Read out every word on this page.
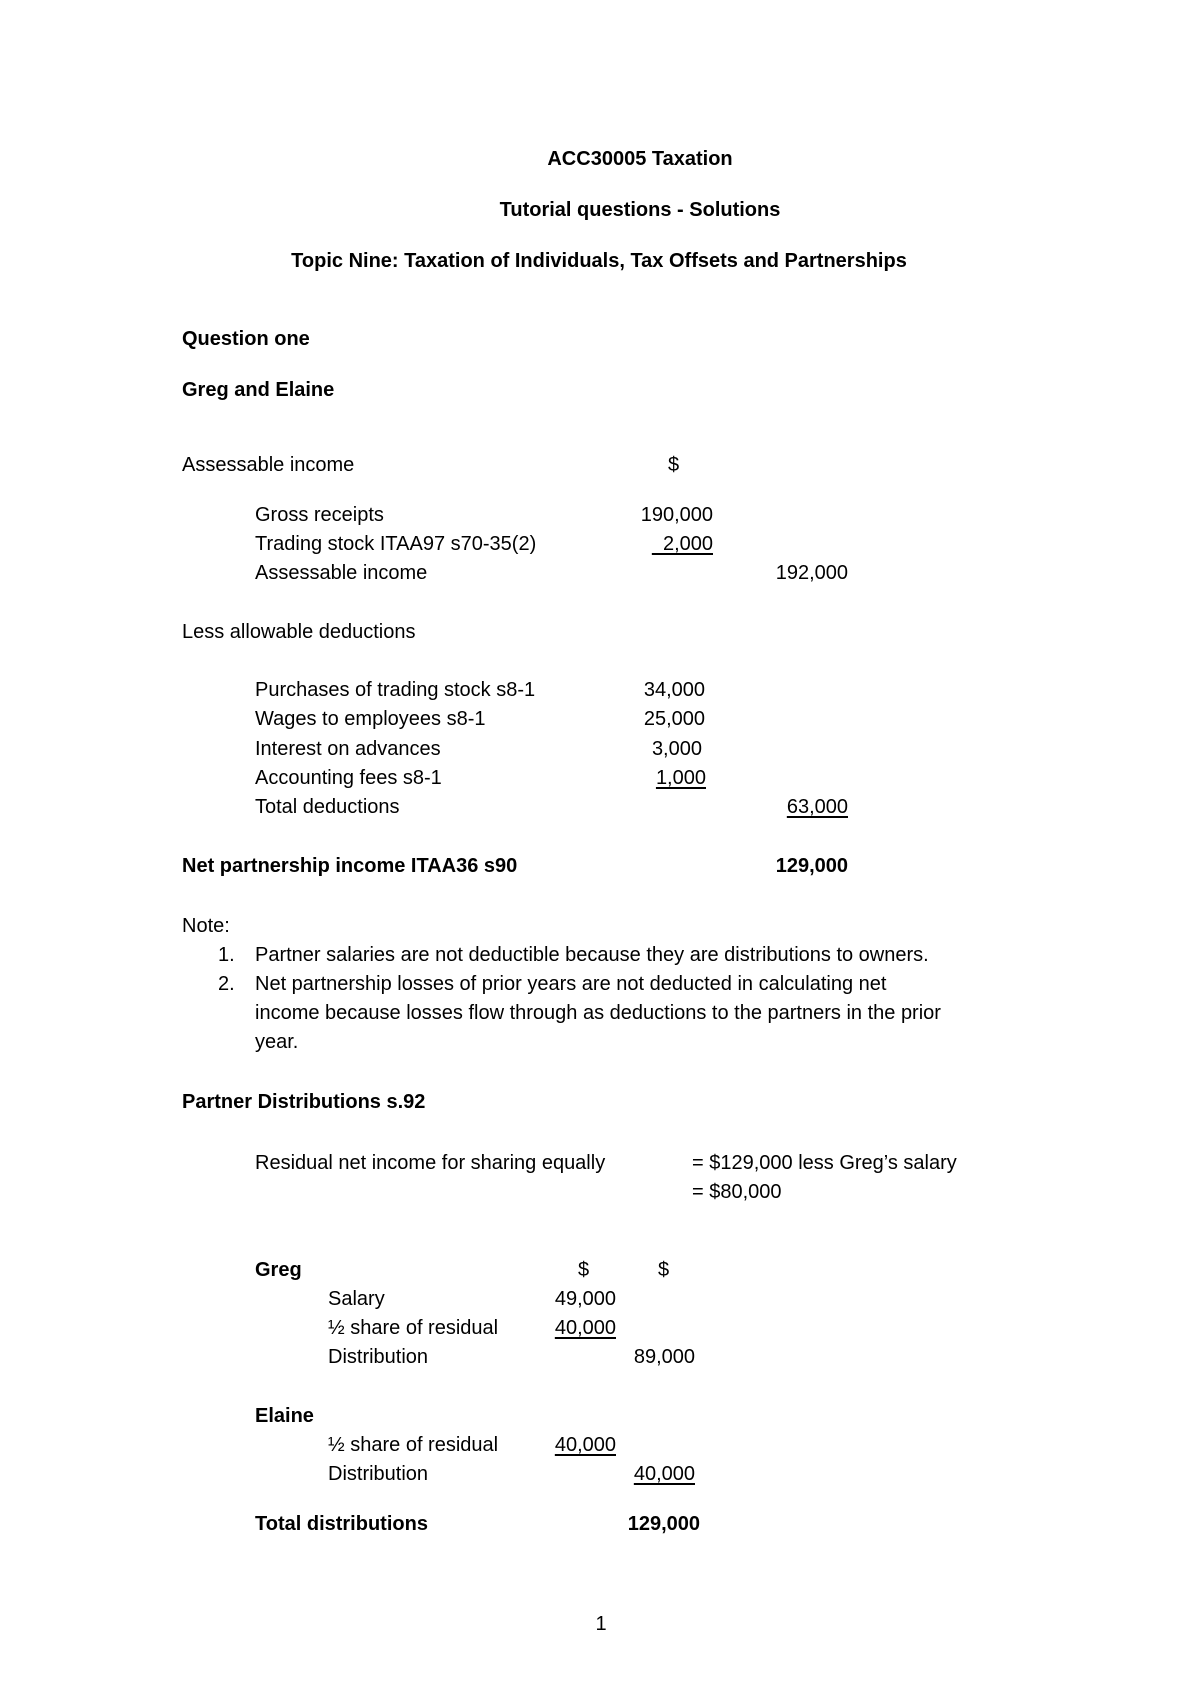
ACC30005 Taxation
Tutorial questions - Solutions
Topic Nine: Taxation of Individuals, Tax Offsets and Partnerships
Question one
Greg and Elaine
Assessable income	$
Gross receipts	190,000
Trading stock ITAA97 s70-35(2)	2,000
Assessable income	192,000
Less allowable deductions
Purchases of trading stock s8-1	34,000
Wages to employees s8-1	25,000
Interest on advances	3,000
Accounting fees s8-1	1,000
Total deductions	63,000
Net partnership income ITAA36 s90	129,000
Note:
1. Partner salaries are not deductible because they are distributions to owners.
2. Net partnership losses of prior years are not deducted in calculating net
income because losses flow through as deductions to the partners in the prior
year.
Partner Distributions s.92
Residual net income for sharing equally	= $129,000 less Greg’s salary
= $80,000
Greg	$	$
Salary	49,000
½ share of residual	40,000
Distribution	89,000
Elaine
½ share of residual	40,000
Distribution	40,000
Total distributions	129,000
1
